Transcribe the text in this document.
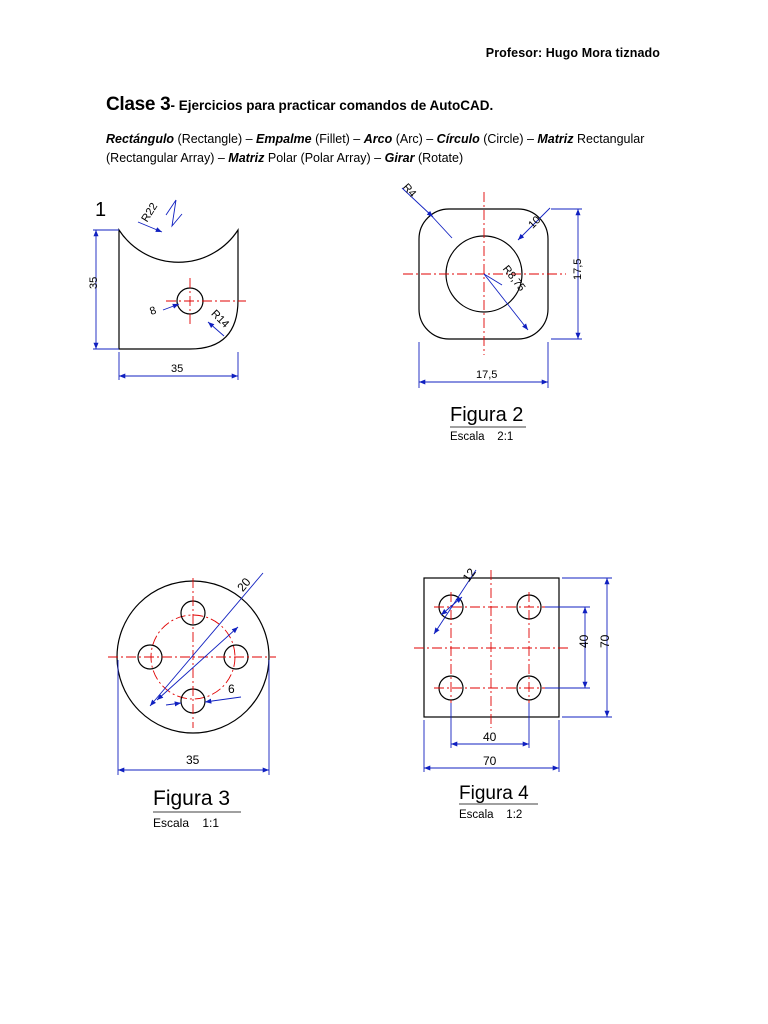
Profesor: Hugo Mora tiznado
Clase 3- Ejercicios para practicar comandos de AutoCAD.
Rectángulo (Rectangle) – Empalme (Fillet) – Arco (Arc) – Círculo (Circle) – Matriz Rectangular (Rectangular Array) – Matriz Polar (Polar Array) – Girar (Rotate)
1
35
35
R22
8	R14
R4
10
R8,75	17,5
17,5
Figura 2
Escala    2:1
20
6
35
Figura 3
Escala    1:1
12
40 70
40
70
Figura 4
Escala    1:2
